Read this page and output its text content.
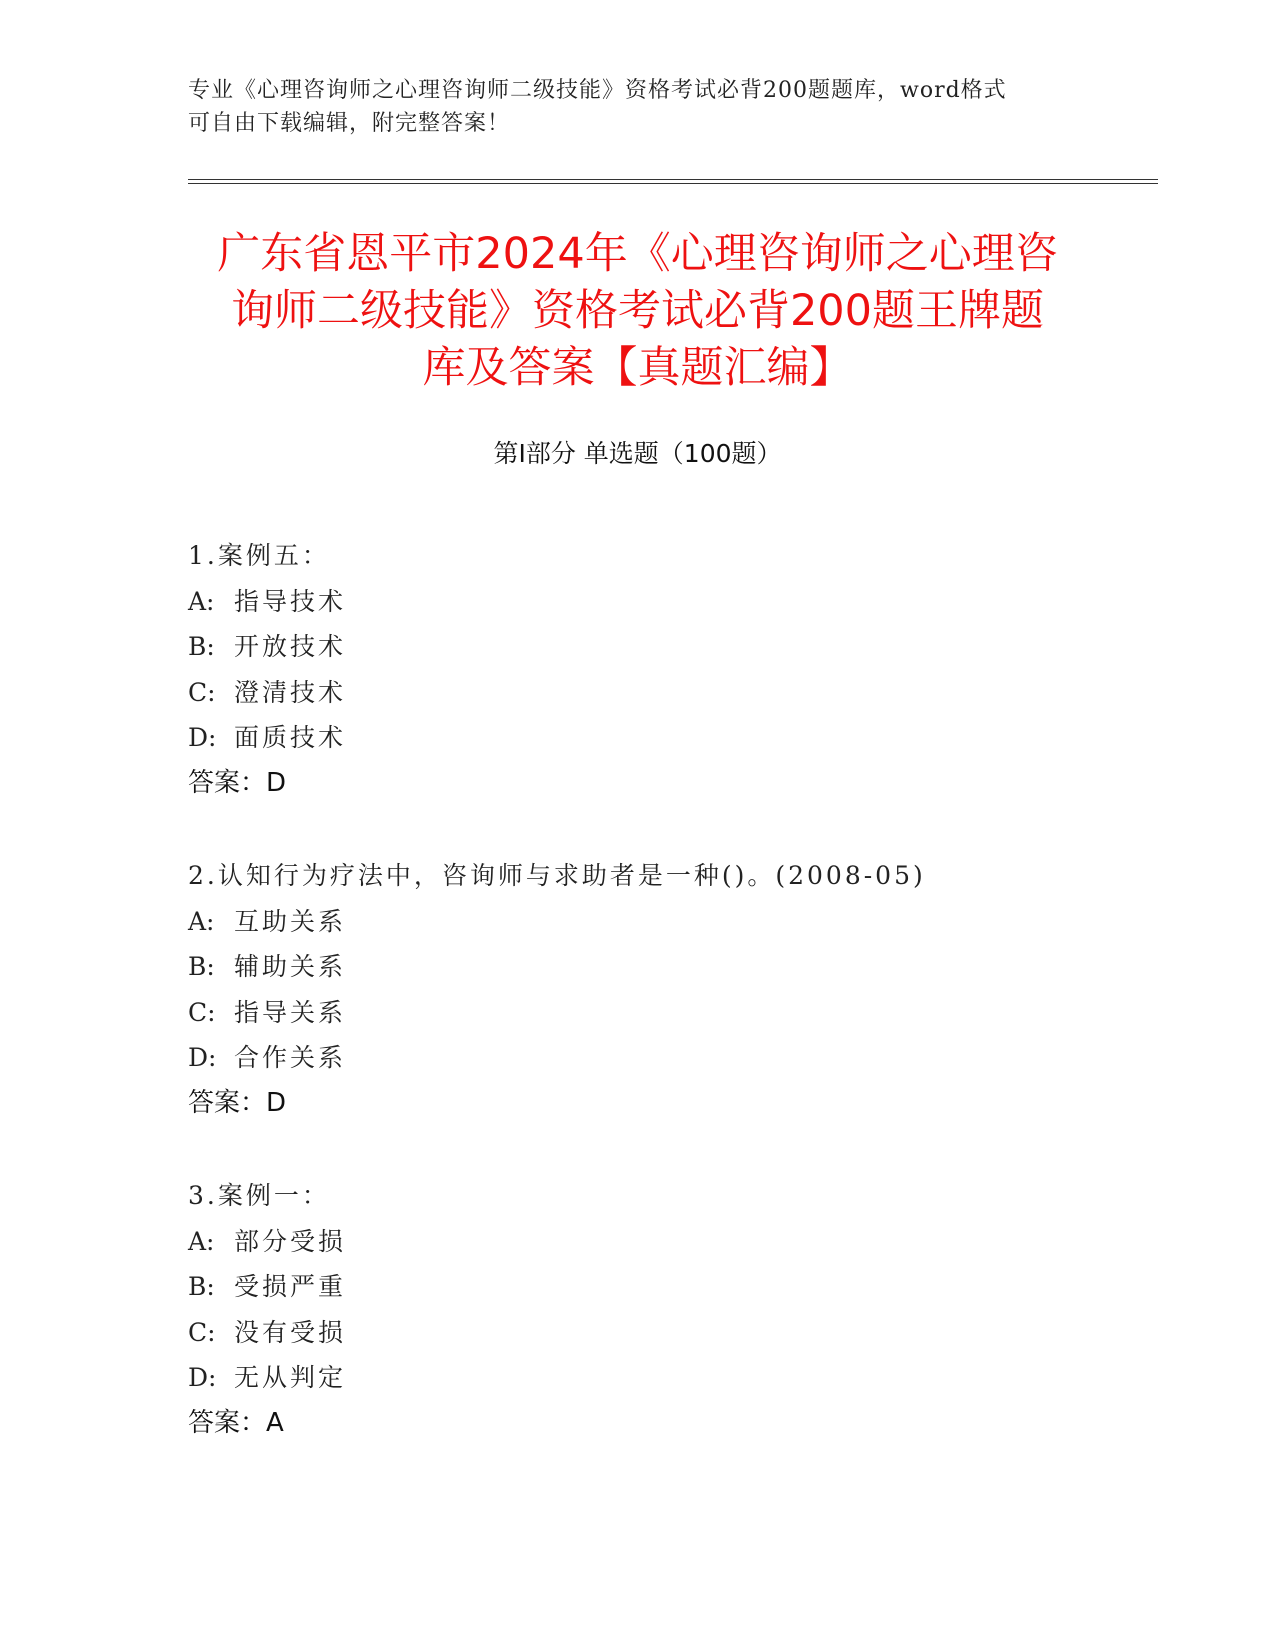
专业《心理咨询师之心理咨询师二级技能》资格考试必背200题题库，word格式
可自由下载编辑，附完整答案！
广东省恩平市2024年《心理咨询师之心理咨
询师二级技能》资格考试必背200题王牌题
库及答案【真题汇编】
第Ⅰ部分 单选题（100题）
1.案例五：
A: 指导技术
B: 开放技术
C: 澄清技术
D: 面质技术
答案：D
2.认知行为疗法中，咨询师与求助者是一种()。(2008-05)
A: 互助关系
B: 辅助关系
C: 指导关系
D: 合作关系
答案：D
3.案例一：
A: 部分受损
B: 受损严重
C: 没有受损
D: 无从判定
答案：A
